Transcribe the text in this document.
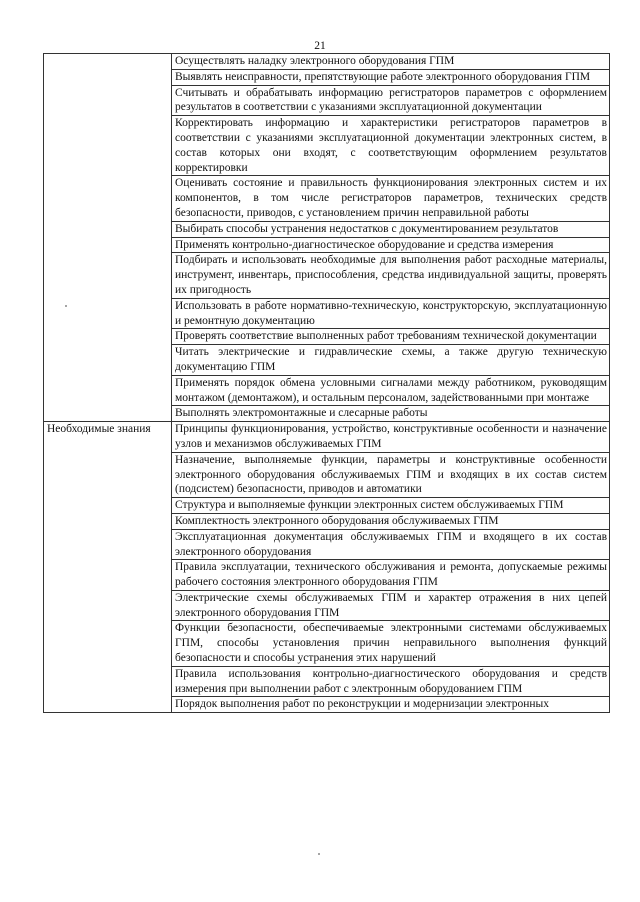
21
	Осуществлять наладку электронного оборудования ГПМ
	Выявлять неисправности, препятствующие работе электронного оборудования ГПМ
	Считывать и обрабатывать информацию регистраторов параметров с оформлением результатов в соответствии с указаниями эксплуатационной документации
	Корректировать информацию и характеристики регистраторов параметров в соответствии с указаниями эксплуатационной документации электронных систем, в состав которых они входят, с соответствующим оформлением результатов корректировки
	Оценивать состояние и правильность функционирования электронных систем и их компонентов, в том числе регистраторов параметров, технических средств безопасности, приводов, с установлением причин неправильной работы
	Выбирать способы устранения недостатков с документированием результатов
	Применять контрольно-диагностическое оборудование и средства измерения
	Подбирать и использовать необходимые для выполнения работ расходные материалы, инструмент, инвентарь, приспособления, средства индивидуальной защиты, проверять их пригодность
	Использовать в работе нормативно-техническую, конструкторскую, эксплуатационную и ремонтную документацию
	Проверять соответствие выполненных работ требованиям технической документации
	Читать электрические и гидравлические схемы, а также другую техническую документацию ГПМ
	Применять порядок обмена условными сигналами между работником, руководящим монтажом (демонтажом), и остальным персоналом, задействованными при монтаже
	Выполнять электромонтажные и слесарные работы
Необходимые знания	Принципы функционирования, устройство, конструктивные особенности и назначение узлов и механизмов обслуживаемых ГПМ
	Назначение, выполняемые функции, параметры и конструктивные особенности электронного оборудования обслуживаемых ГПМ и входящих в их состав систем (подсистем) безопасности, приводов и автоматики
	Структура и выполняемые функции электронных систем обслуживаемых ГПМ
	Комплектность электронного оборудования обслуживаемых ГПМ
	Эксплуатационная документация обслуживаемых ГПМ и входящего в их состав электронного оборудования
	Правила эксплуатации, технического обслуживания и ремонта, допускаемые режимы рабочего состояния электронного оборудования ГПМ
	Электрические схемы обслуживаемых ГПМ и характер отражения в них цепей электронного оборудования ГПМ
	Функции безопасности, обеспечиваемые электронными системами обслуживаемых ГПМ, способы установления причин неправильного выполнения функций безопасности и способы устранения этих нарушений
	Правила использования контрольно-диагностического оборудования и средств измерения при выполнении работ с электронным оборудованием ГПМ
	Порядок выполнения работ по реконструкции и модернизации электронных
